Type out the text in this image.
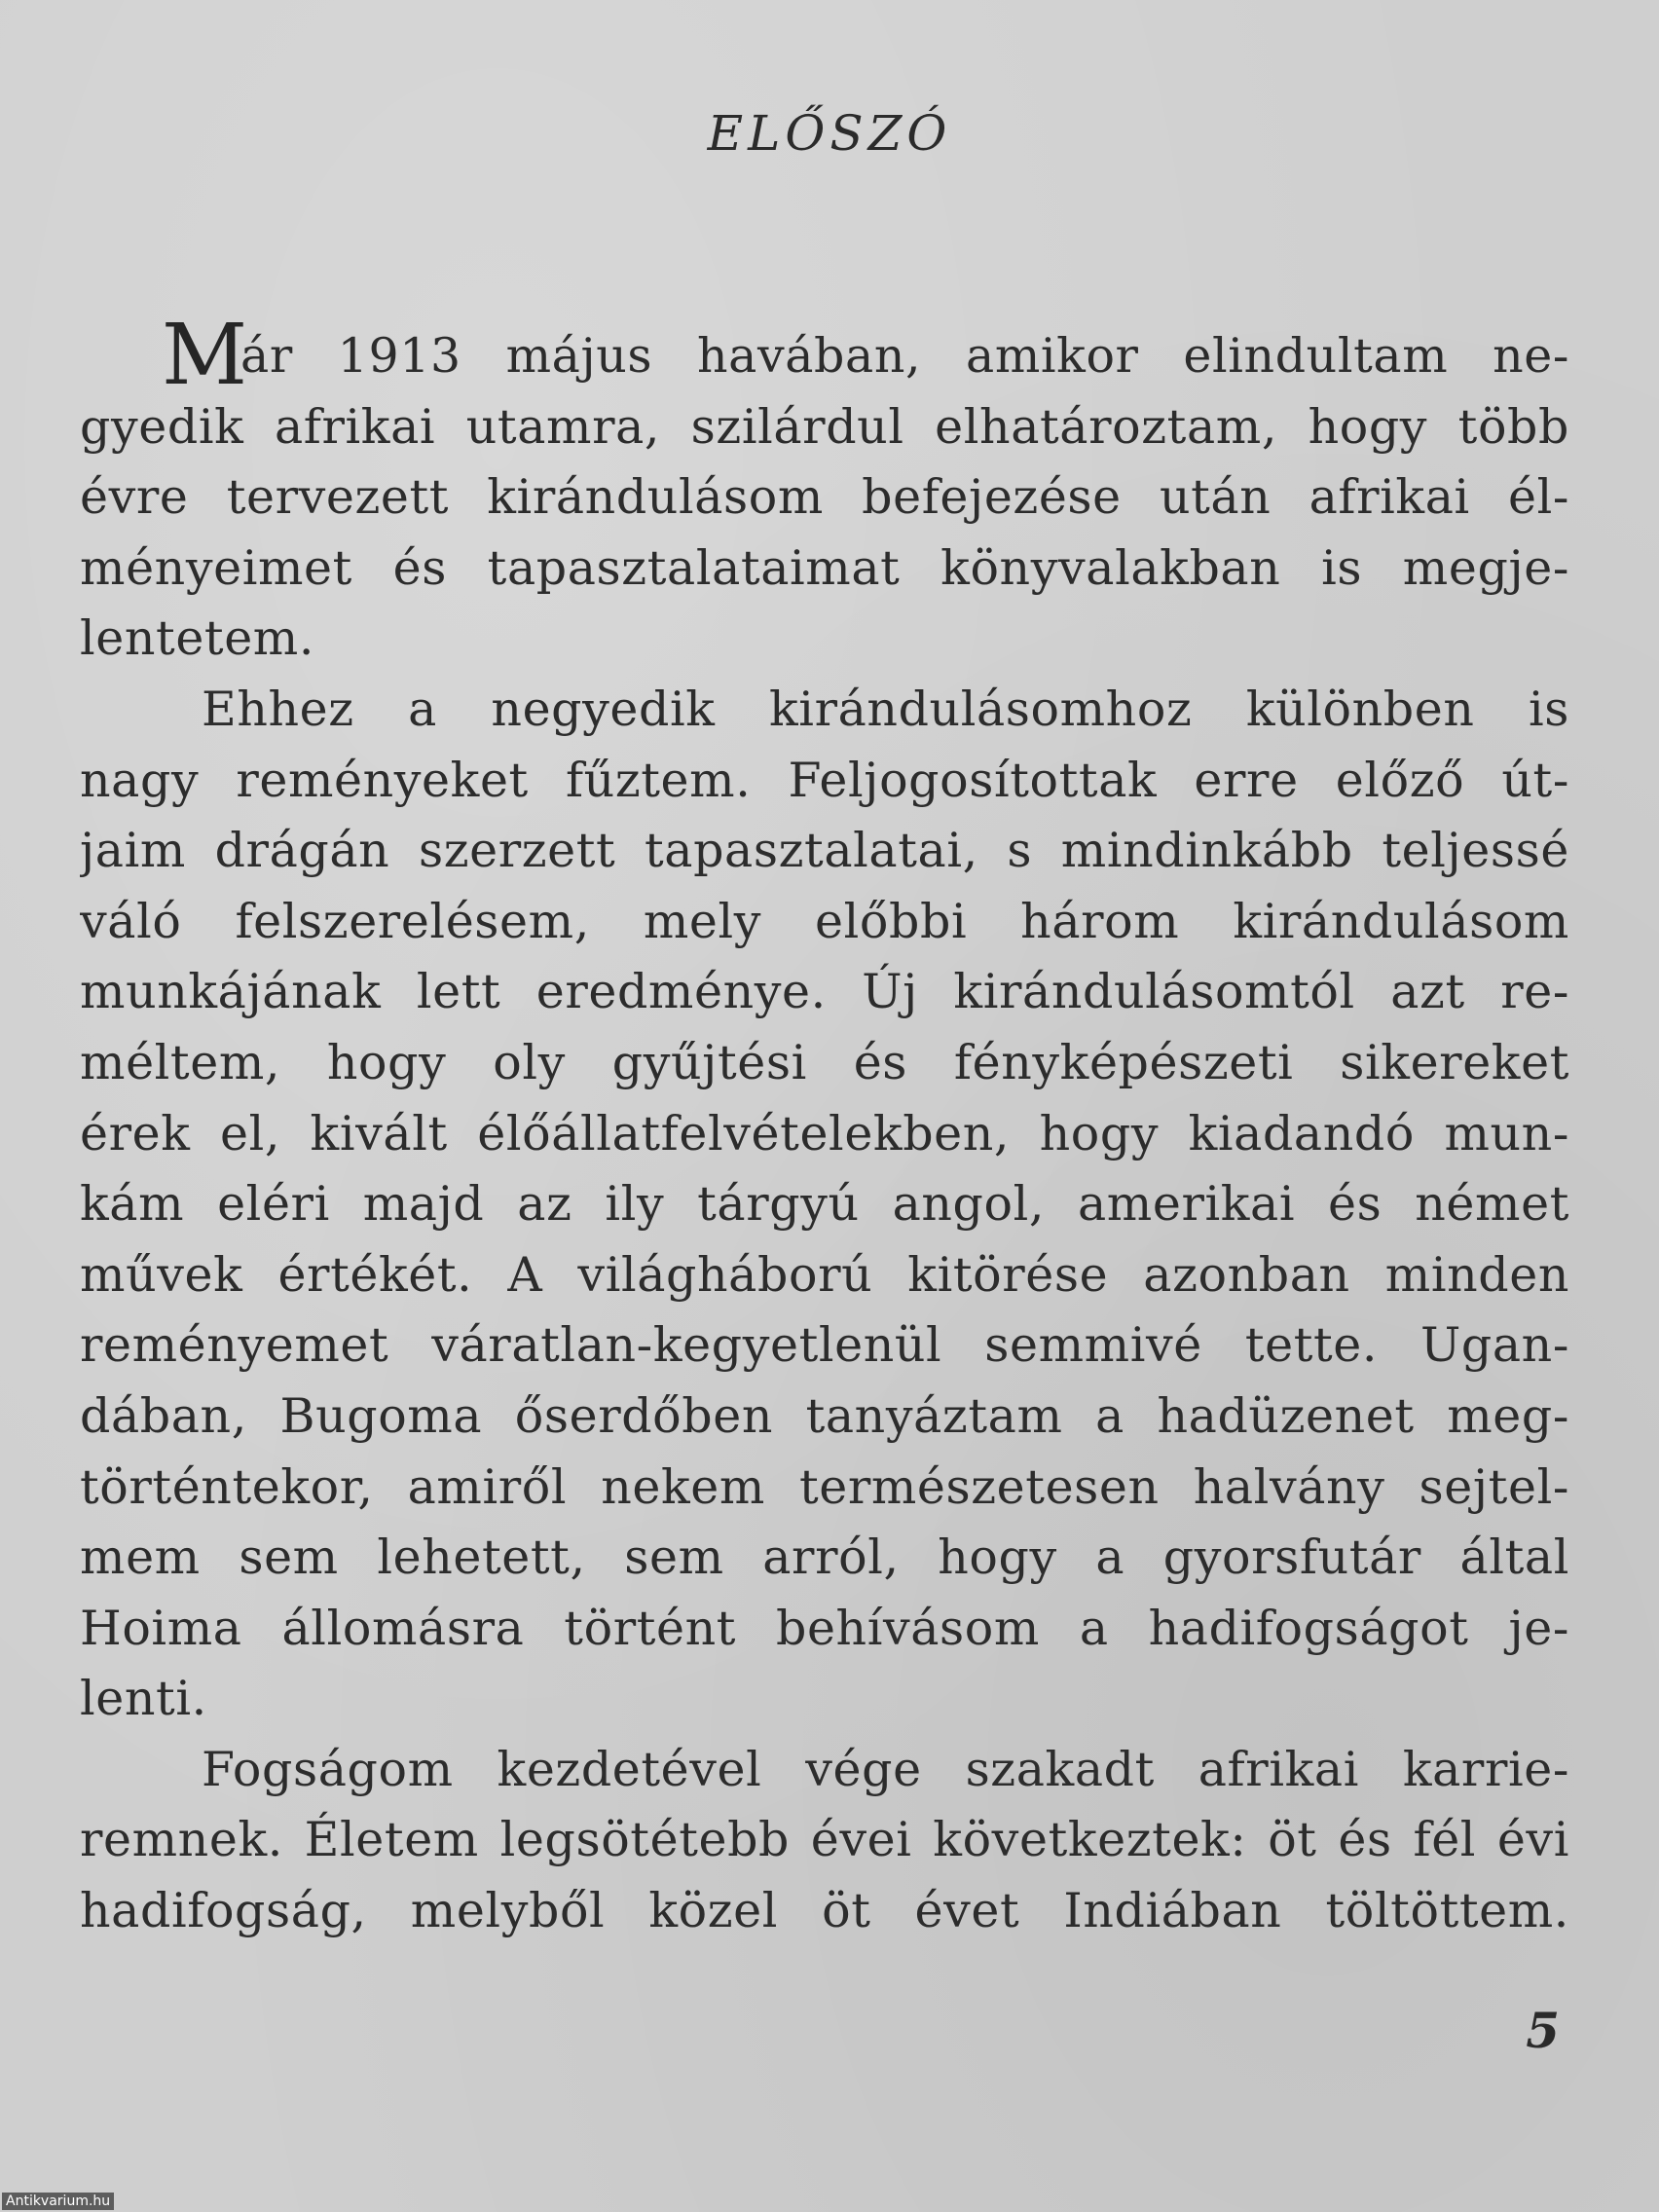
ELŐSZÓ
M
ár 1913 május havában, amikor elindultam ne-
gyedik afrikai utamra, szilárdul elhatároztam, hogy több
évre tervezett kirándulásom befejezése után afrikai él-
ményeimet és tapasztalataimat könyvalakban is megje-
lentetem.
Ehhez a negyedik kirándulásomhoz különben is
nagy reményeket fűztem. Feljogosítottak erre előző út-
jaim drágán szerzett tapasztalatai, s mindinkább teljessé
váló felszerelésem, mely előbbi három kirándulásom
munkájának lett eredménye. Új kirándulásomtól azt re-
méltem, hogy oly gyűjtési és fényképészeti sikereket
érek el, kivált élőállatfelvételekben, hogy kiadandó mun-
kám eléri majd az ily tárgyú angol, amerikai és német
művek értékét. A világháború kitörése azonban minden
reményemet váratlan-kegyetlenül semmivé tette. Ugan-
dában, Bugoma őserdőben tanyáztam a hadüzenet meg-
történtekor, amiről nekem természetesen halvány sejtel-
mem sem lehetett, sem arról, hogy a gyorsfutár által
Hoima állomásra történt behívásom a hadifogságot je-
lenti.
Fogságom kezdetével vége szakadt afrikai karrie-
remnek. Életem legsötétebb évei következtek: öt és fél évi
hadifogság, melyből közel öt évet Indiában töltöttem.
5
Antikvarium.hu
